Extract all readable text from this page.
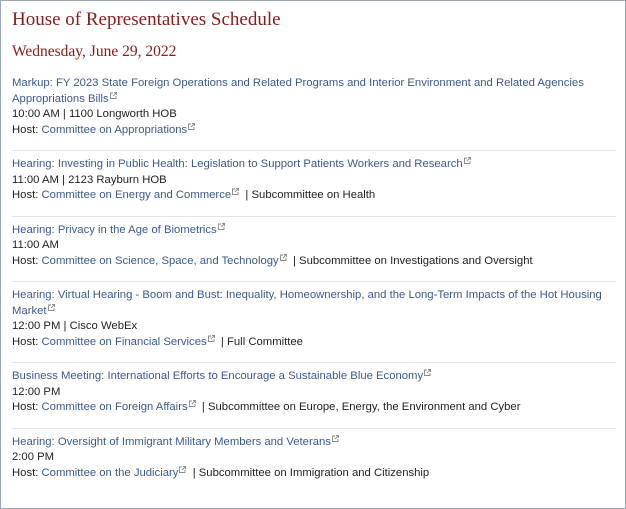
House of Representatives Schedule
Wednesday, June 29, 2022
Markup: FY 2023 State Foreign Operations and Related Programs and Interior Environment and Related Agencies Appropriations Bills
10:00 AM | 1100 Longworth HOB
Host: Committee on Appropriations
Hearing: Investing in Public Health: Legislation to Support Patients Workers and Research
11:00 AM | 2123 Rayburn HOB
Host: Committee on Energy and Commerce | Subcommittee on Health
Hearing: Privacy in the Age of Biometrics
11:00 AM
Host: Committee on Science, Space, and Technology | Subcommittee on Investigations and Oversight
Hearing: Virtual Hearing - Boom and Bust: Inequality, Homeownership, and the Long-Term Impacts of the Hot Housing Market
12:00 PM | Cisco WebEx
Host: Committee on Financial Services | Full Committee
Business Meeting: International Efforts to Encourage a Sustainable Blue Economy
12:00 PM
Host: Committee on Foreign Affairs | Subcommittee on Europe, Energy, the Environment and Cyber
Hearing: Oversight of Immigrant Military Members and Veterans
2:00 PM
Host: Committee on the Judiciary | Subcommittee on Immigration and Citizenship
